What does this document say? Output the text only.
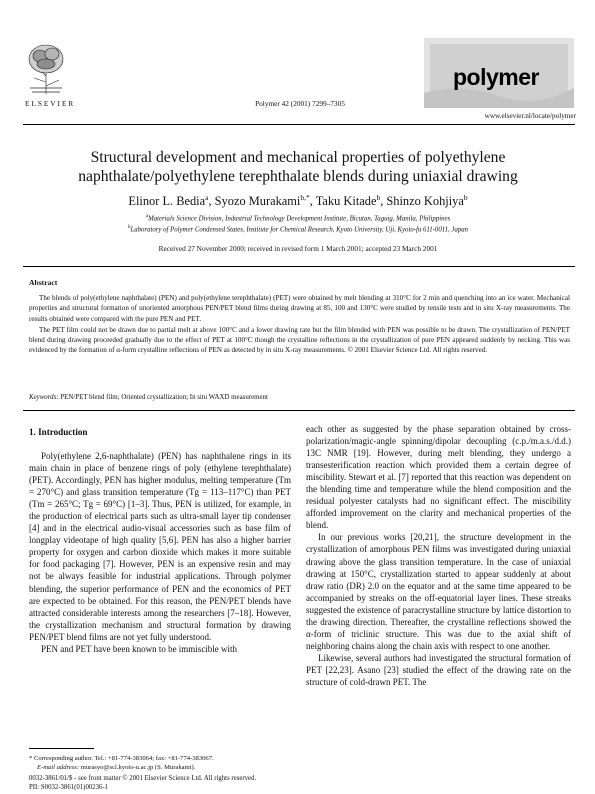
ELSEVIER	Polymer 42 (2001) 7299–7305
polymer
www.elsevier.nl/locate/polymer
Structural development and mechanical properties of polyethylene naphthalate/polyethylene terephthalate blends during uniaxial drawing
Elinor L. Bedia$^a$, Syozo Murakami$^{b,*}$, Taku Kitade$^b$, Shinzo Kohjiya$^b$
$^a$Materials Science Division, Industrial Technology Development Institute, Bicutan, Taguig, Manila, Philippines
$^b$Laboratory of Polymer Condensed States, Institute for Chemical Research, Kyoto University, Uji, Kyoto-fu 611-0011, Japan
Received 27 November 2000; received in revised form 1 March 2001; accepted 23 March 2001
Abstract

The blends of poly(ethylene naphthalate) (PEN) and poly(ethylene terephthalate) (PET) were obtained by melt blending at 310°C for 2 min and quenching into an ice water. Mechanical properties and structural formation of unoriented amorphous PEN/PET blend films during drawing at 85, 100 and 130°C were studied by tensile tests and in situ X-ray measurements. The results obtained were compared with the pure PEN and PET.

The PET film could not be drawn due to partial melt at above 100°C and a lower drawing rate but the film blended with PEN was possible to be drawn. The crystallization of PEN/PET blend during drawing proceeded gradually due to the effect of PET at 100°C though the crystalline reflections in the crystallization of pure PEN appeared suddenly by necking. This was evidenced by the formation of α-form crystalline reflections of PEN as detected by in situ X-ray measurements. © 2001 Elsevier Science Ltd. All rights reserved.

Keywords: PEN/PET blend film; Oriented crystallization; In situ WAXD measurement
1. Introduction

Poly(ethylene 2,6-naphthalate) (PEN) has naphthalene rings in its main chain in place of benzene rings of poly (ethylene terephthalate) (PET). Accordingly, PEN has higher modulus, melting temperature (Tm = 270°C) and glass transition temperature (Tg = 113–117°C) than PET (Tm = 265°C; Tg = 69°C) [1–3]. Thus, PEN is utilized, for example, in the production of electrical parts such as ultra-small layer tip condenser [4] and in the electrical audio-visual accessories such as base film of longplay videotape of high quality [5,6]. PEN has also a higher barrier property for oxygen and carbon dioxide which makes it more suitable for food packaging [7]. However, PEN is an expensive resin and may not be always feasible for industrial applications. Through polymer blending, the superior performance of PEN and the economics of PET are expected to be obtained. For this reason, the PEN/PET blends have attracted considerable interests among the researchers [7–18]. However, the crystallization mechanism and structural formation by drawing PEN/PET blend films are not yet fully understood.

PEN and PET have been known to be immiscible with

each other as suggested by the phase separation obtained by cross-polarization/magic-angle spinning/dipolar decoupling (c.p./m.a.s./d.d.) 13C NMR [19]. However, during melt blending, they undergo a transesterification reaction which provided them a certain degree of miscibility. Stewart et al. [7] reported that this reaction was dependent on the blending time and temperature while the blend composition and the residual polyester catalysts had no significant effect. The miscibility afforded improvement on the clarity and mechanical properties of the blend.

In our previous works [20,21], the structure development in the crystallization of amorphous PEN films was investigated during uniaxial drawing above the glass transition temperature. In the case of uniaxial drawing at 150°C, crystallization started to appear suddenly at about draw ratio (DR) 2.0 on the equator and at the same time appeared to be accompanied by streaks on the off-equatorial layer lines. These streaks suggested the existence of paracrystalline structure by lattice distortion to the drawing direction. Thereafter, the crystalline reflections showed the α-form of triclinic structure. This was due to the axial shift of neighboring chains along the chain axis with respect to one another.

Likewise, several authors had investigated the structural formation of PET [22,23]. Asano [23] studied the effect of the drawing rate on the structure of cold-drawn PET. The

* Corresponding author. Tel.: +81-774-383064; fax: +81-774-383067.
E-mail address: murasyo@scl.kyoto-u.ac.jp (S. Murakami).
0032-3861/01/$ - see front matter © 2001 Elsevier Science Ltd. All rights reserved.
PII: S0032-3861(01)00236-1
